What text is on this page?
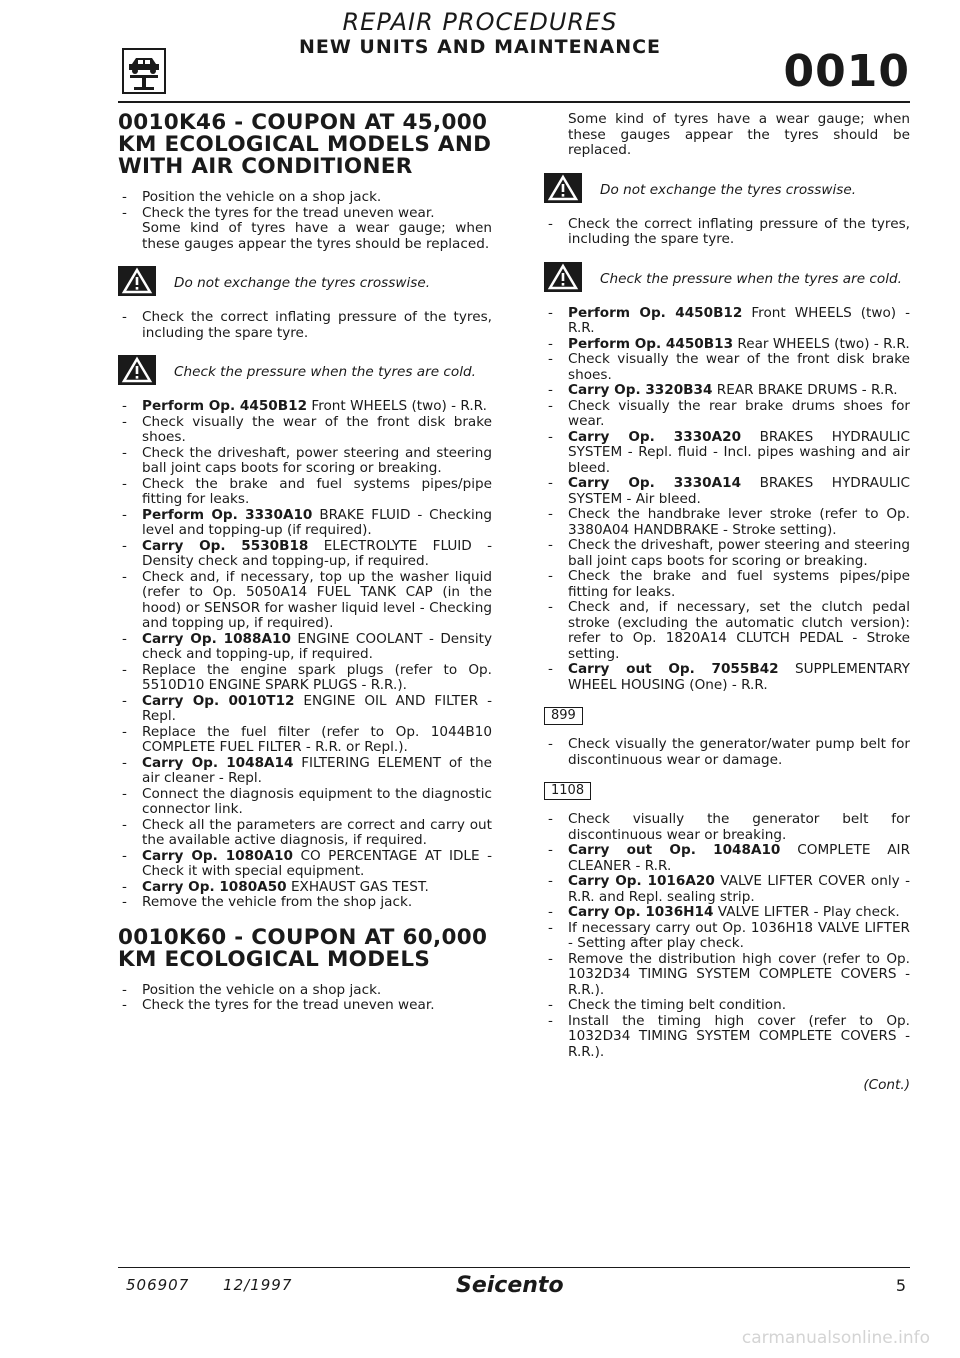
REPAIR PROCEDURES
NEW UNITS AND MAINTENANCE	0010
0010K46 - COUPON AT 45,000 KM ECOLOGICAL MODELS AND WITH AIR CONDITIONER
- Position the vehicle on a shop jack.
- Check the tyres for the tread uneven wear.

Some kind of tyres have a wear gauge; when these gauges appear the tyres should be replaced.

Do not exchange the tyres crosswise.
- Check the correct inflating pressure of the tyres, including the spare tyre.
Check the pressure when the tyres are cold.
- Perform Op. 4450B12 Front WHEELS (two) - R.R.
- Check visually the wear of the front disk brake shoes.
- Check the driveshaft, power steering and steering ball joint caps boots for scoring or breaking.
- Check the brake and fuel systems pipes/pipe fitting for leaks.
- Perform Op. 3330A10 BRAKE FLUID - Checking level and topping-up (if required).
- Carry Op. 5530B18 ELECTROLYTE FLUID - Density check and topping-up, if required.
- Check and, if necessary, top up the washer liquid (refer to Op. 5050A14 FUEL TANK CAP (in the hood) or SENSOR for washer liquid level - Checking and topping up, if required).
- Carry Op. 1088A10 ENGINE COOLANT - Density check and topping-up, if required.
- Replace the engine spark plugs (refer to Op. 5510D10 ENGINE SPARK PLUGS - R.R.).
- Carry Op. 0010T12 ENGINE OIL AND FILTER - Repl.
- Replace the fuel filter (refer to Op. 1044B10 COMPLETE FUEL FILTER - R.R. or Repl.).
- Carry Op. 1048A14 FILTERING ELEMENT of the air cleaner - Repl.
- Connect the diagnosis equipment to the diagnostic connector link.
- Check all the parameters are correct and carry out the available active diagnosis, if required.
- Carry Op. 1080A10 CO PERCENTAGE AT IDLE - Check it with special equipment.
- Carry Op. 1080A50 EXHAUST GAS TEST.
- Remove the vehicle from the shop jack.
0010K60 - COUPON AT 60,000 KM ECOLOGICAL MODELS
- Position the vehicle on a shop jack.
- Check the tyres for the tread uneven wear.

Some kind of tyres have a wear gauge; when these gauges appear the tyres should be replaced.

Do not exchange the tyres crosswise.
- Check the correct inflating pressure of the tyres, including the spare tyre.
Check the pressure when the tyres are cold.
- Perform Op. 4450B12 Front WHEELS (two) - R.R.
- Perform Op. 4450B13 Rear WHEELS (two) - R.R.
- Check visually the wear of the front disk brake shoes.
- Carry Op. 3320B34 REAR BRAKE DRUMS - R.R.
- Check visually the rear brake drums shoes for wear.
- Carry Op. 3330A20 BRAKES HYDRAULIC SYSTEM - Repl. fluid - Incl. pipes washing and air bleed.
- Carry Op. 3330A14 BRAKES HYDRAULIC SYSTEM - Air bleed.
- Check the handbrake lever stroke (refer to Op. 3380A04 HANDBRAKE - Stroke setting).
- Check the driveshaft, power steering and steering ball joint caps boots for scoring or breaking.
- Check the brake and fuel systems pipes/pipe fitting for leaks.
- Check and, if necessary, set the clutch pedal stroke (excluding the automatic clutch version): refer to Op. 1820A14 CLUTCH PEDAL - Stroke setting.
- Carry out Op. 7055B42 SUPPLEMENTARY WHEEL HOUSING (One) - R.R.
899
- Check visually the generator/water pump belt for discontinuous wear or damage.
1108
- Check visually the generator belt for discontinuous wear or breaking.
- Carry out Op. 1048A10 COMPLETE AIR CLEANER - R.R.
- Carry Op. 1016A20 VALVE LIFTER COVER only - R.R. and Repl. sealing strip.
- Carry Op. 1036H14 VALVE LIFTER - Play check.
- If necessary carry out Op. 1036H18 VALVE LIFTER - Setting after play check.
- Remove the distribution high cover (refer to Op. 1032D34 TIMING SYSTEM COMPLETE COVERS - R.R.).
- Check the timing belt condition.
- Install the timing high cover (refer to Op. 1032D34 TIMING SYSTEM COMPLETE COVERS - R.R.).
(Cont.)
506907 12/1997	Seicento	5
carmanualsonline.info
